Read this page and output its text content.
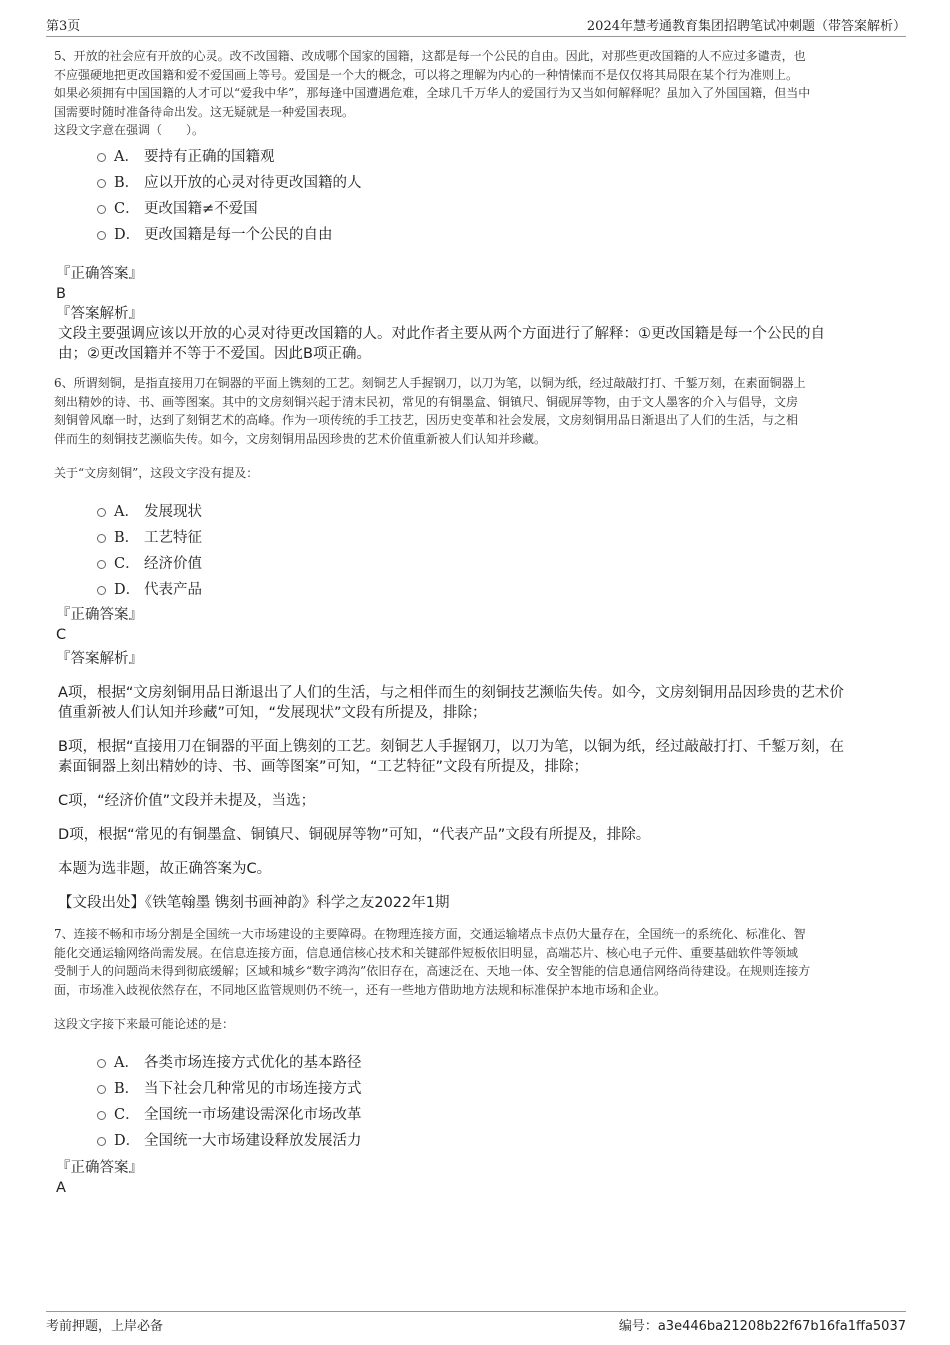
第3页	2024年慧考通教育集团招聘笔试冲刺题（带答案解析）

5、开放的社会应有开放的心灵。改不改国籍、改成哪个国家的国籍，这都是每一个公民的自由。因此，对那些更改国籍的人不应过多谴责，也

不应强硬地把更改国籍和爱不爱国画上等号。爱国是一个大的概念，可以将之理解为内心的一种情愫而不是仅仅将其局限在某个行为准则上。

如果必须拥有中国国籍的人才可以“爱我中华”，那每逢中国遭遇危难，全球几千万华人的爱国行为又当如何解释呢？虽加入了外国国籍，但当中

国需要时随时准备待命出发。这无疑就是一种爱国表现。

这段文字意在强调（　　）。

A． 要持有正确的国籍观
B． 应以开放的心灵对待更改国籍的人
C． 更改国籍≠不爱国
D． 更改国籍是每一个公民的自由

『正确答案』

B

『答案解析』

文段主要强调应该以开放的心灵对待更改国籍的人。对此作者主要从两个方面进行了解释：①更改国籍是每一个公民的自

由；②更改国籍并不等于不爱国。因此B项正确。

6、所谓刻铜，是指直接用刀在铜器的平面上镌刻的工艺。刻铜艺人手握钢刀，以刀为笔，以铜为纸，经过敲敲打打、千錾万刻，在素面铜器上

刻出精妙的诗、书、画等图案。其中的文房刻铜兴起于清末民初，常见的有铜墨盒、铜镇尺、铜砚屏等物，由于文人墨客的介入与倡导，文房

刻铜曾风靡一时，达到了刻铜艺术的高峰。作为一项传统的手工技艺，因历史变革和社会发展，文房刻铜用品日渐退出了人们的生活，与之相

伴而生的刻铜技艺濒临失传。如今，文房刻铜用品因珍贵的艺术价值重新被人们认知并珍藏。

关于“文房刻铜”，这段文字没有提及：

A． 发展现状
B． 工艺特征
C． 经济价值
D． 代表产品

『正确答案』

C

『答案解析』

A项，根据“文房刻铜用品日渐退出了人们的生活，与之相伴而生的刻铜技艺濒临失传。如今，文房刻铜用品因珍贵的艺术价

值重新被人们认知并珍藏”可知，“发展现状”文段有所提及，排除；

B项，根据“直接用刀在铜器的平面上镌刻的工艺。刻铜艺人手握钢刀，以刀为笔，以铜为纸，经过敲敲打打、千錾万刻，在

素面铜器上刻出精妙的诗、书、画等图案”可知，“工艺特征”文段有所提及，排除；

C项，“经济价值”文段并未提及，当选；

D项，根据“常见的有铜墨盒、铜镇尺、铜砚屏等物”可知，“代表产品”文段有所提及，排除。

本题为选非题，故正确答案为C。

【文段出处】《铁笔翰墨 镌刻书画神韵》科学之友2022年1期

7、连接不畅和市场分割是全国统一大市场建设的主要障碍。在物理连接方面，交通运输堵点卡点仍大量存在，全国统一的系统化、标准化、智

能化交通运输网络尚需发展。在信息连接方面，信息通信核心技术和关键部件短板依旧明显，高端芯片、核心电子元件、重要基础软件等领域

受制于人的问题尚未得到彻底缓解；区域和城乡“数字鸿沟”依旧存在，高速泛在、天地一体、安全智能的信息通信网络尚待建设。在规则连接方

面，市场准入歧视依然存在，不同地区监管规则仍不统一，还有一些地方借助地方法规和标准保护本地市场和企业。

这段文字接下来最可能论述的是：

A． 各类市场连接方式优化的基本路径
B． 当下社会几种常见的市场连接方式
C． 全国统一市场建设需深化市场改革
D． 全国统一大市场建设释放发展活力

『正确答案』

A

考前押题，上岸必备	编号：a3e446ba21208b22f67b16fa1ffa5037
